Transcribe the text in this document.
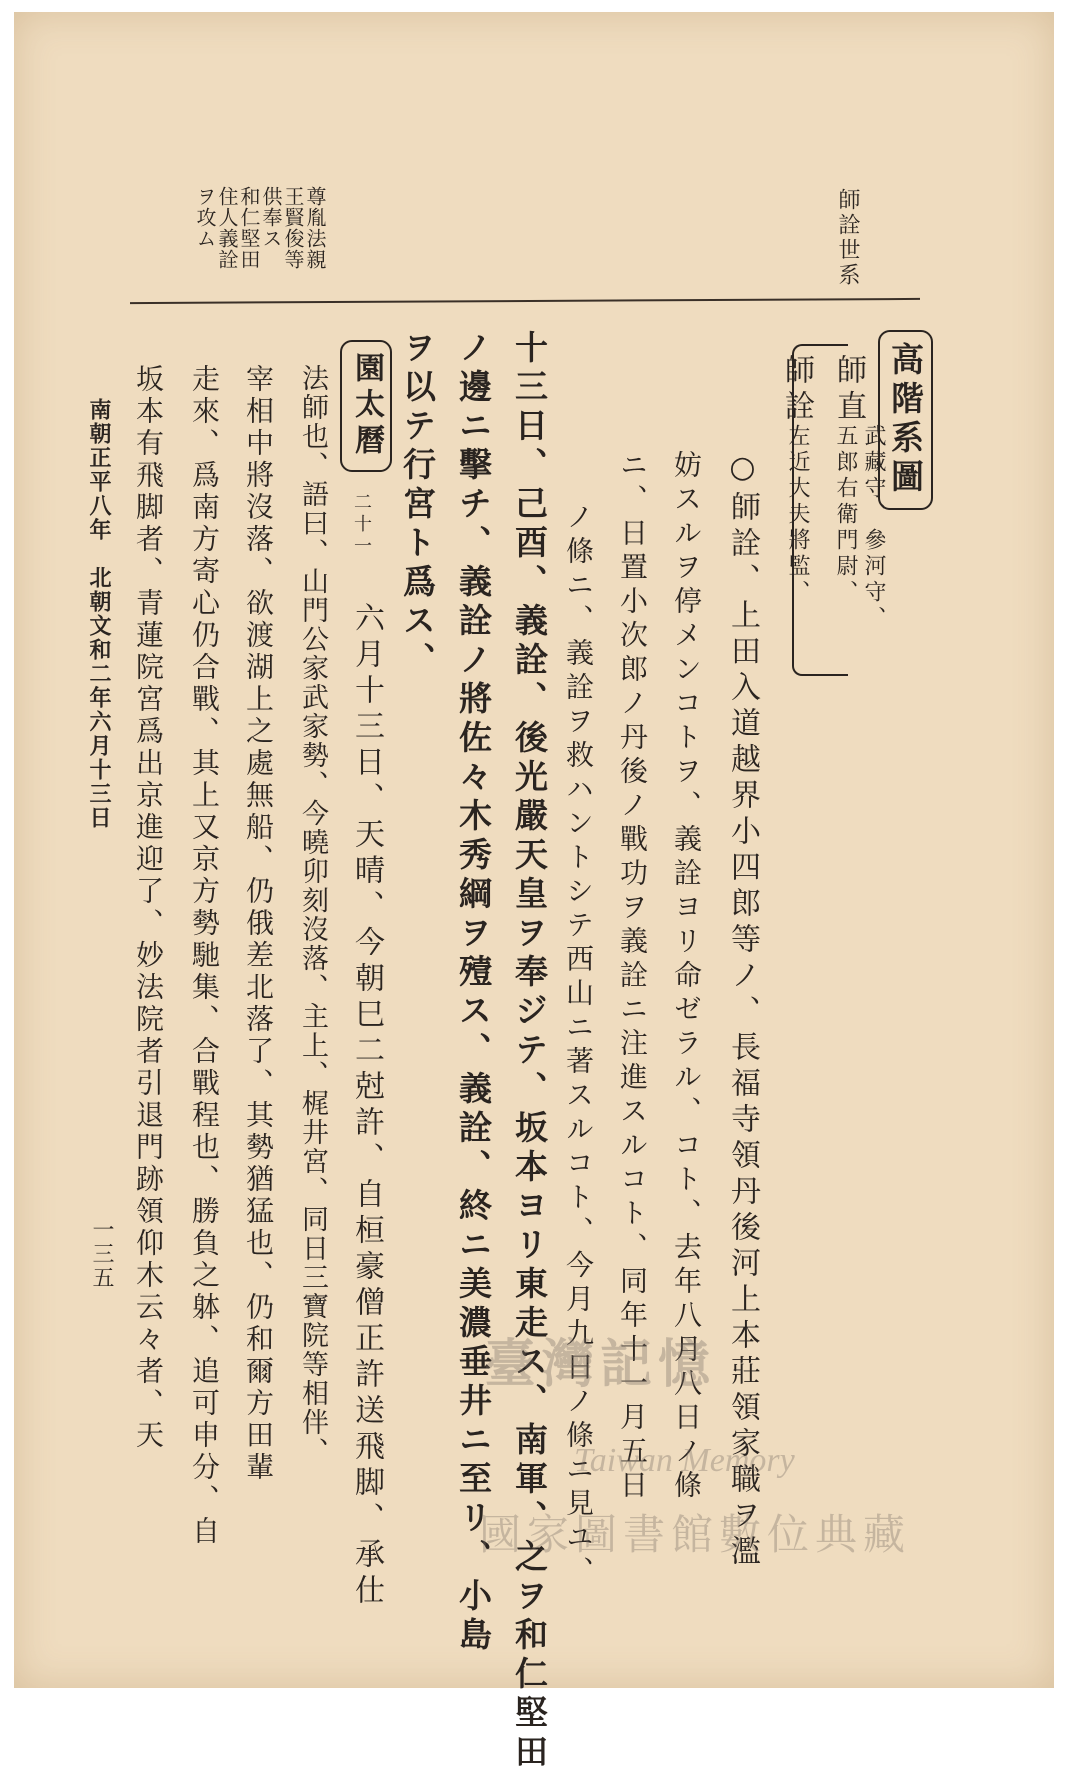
師詮世系
尊胤法親
王賢俊等
供奉ス
和仁堅田
住人義詮
ヲ攻ム
高階系圖
師直
武藏守、參河守、
五郎右衛門尉、
師詮
左近大夫將監、
○師詮、上田入道越界小四郎等ノ、長福寺領丹後河上本莊領家職ヲ濫
妨スルヲ停メンコトヲ、義詮ヨリ命ゼラル、コト、去年八月八日ノ條
ニ、日置小次郎ノ丹後ノ戰功ヲ義詮ニ注進スルコト、同年十一月五日
ノ條ニ、義詮ヲ救ハントシテ西山ニ著スルコト、今月九日ノ條ニ見ユ、
十三日、己酉、義詮、後光嚴天皇ヲ奉ジテ、坂本ヨリ東走ス、南軍、之ヲ和仁堅田
ノ邊ニ擊チ、義詮ノ將佐々木秀綱ヲ殪ス、義詮、終ニ美濃垂井ニ至リ、小島
ヲ以テ行宮ト爲ス、
園太曆
二十一
六月十三日、天晴、今朝巳二尅許、自桓豪僧正許送飛脚、承仕
法師也、語曰、山門公家武家勢、今曉卯刻沒落、主上、梶井宮、同日三寶院等相伴、
宰相中將沒落、欲渡湖上之處無船、仍俄差北落了、其勢猶猛也、仍和爾方田輩
走來、爲南方寄心仍合戰、其上又京方勢馳集、合戰程也、勝負之躰、追可申分、自
坂本有飛脚者、青蓮院宮爲出京進迎了、妙法院者引退門跡領仰木云々者、天
南朝正平八年　北朝文和二年六月十三日
一三五
臺灣記憶
Taiwan Memory
國家圖書館數位典藏
